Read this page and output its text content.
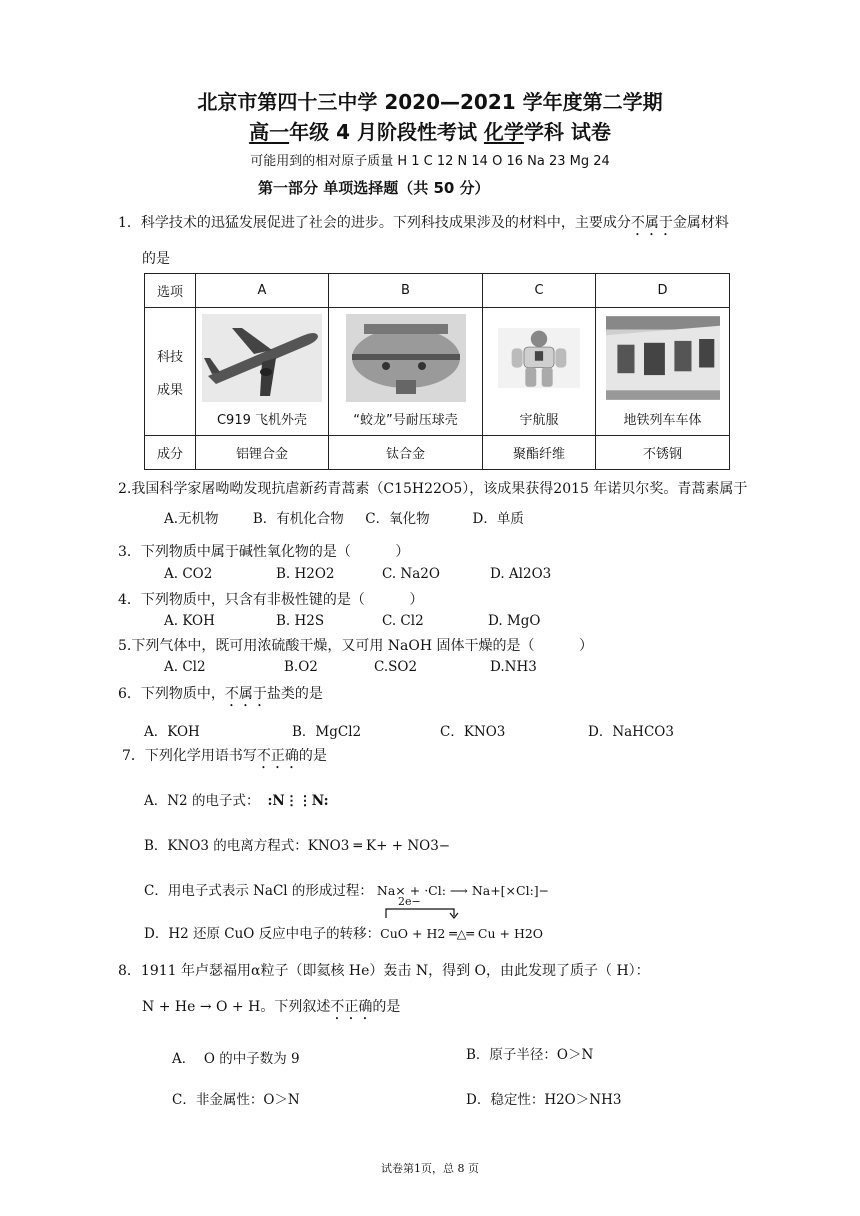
北京市第四十三中学 2020—2021 学年度第二学期
高一年级 4 月阶段性考试 化学学科 试卷
可能用到的相对原子质量 H 1 C 12 N 14 O 16 Na 23 Mg 24
第一部分 单项选择题（共 50 分）
1．科学技术的迅猛发展促进了社会的进步。下列科技成果涉及的材料中，主要成分不属于金属材料
的是
选项	A	B	C	D

科技
成果	C919 飞机外壳	“蛟龙”号耐压球壳	宇航服	地铁列车车体

成分	铝锂合金	钛合金	聚酯纤维	不锈钢
2.我国科学家屠呦呦发现抗虐新药青蒿素（C15H22O5），该成果获得2015 年诺贝尔奖。青蒿素属于
A.无机物        B．有机化合物     C．氧化物          D．单质
3．下列物质中属于碱性氧化物的是（          ）
A. CO2	B. H2O2	C. Na2O	D. Al2O3
4．下列物质中，只含有非极性键的是（          ）
A. KOH	B. H2S	C. Cl2	D. MgO
5.下列气体中，既可用浓硫酸干燥，又可用 NaOH 固体干燥的是（          ）
A. Cl2	B.O2	C.SO2	D.NH3
6．下列物质中，不属于盐类的是
A．KOH	B．MgCl2	C．KNO3	D．NaHCO3
7．下列化学用语书写不正确的是
A．N2 的电子式： :N⋮⋮N:
B．KNO3 的电离方程式：KNO3 ═ K+ + NO3−
C．用电子式表示 NaCl 的形成过程： Na× + ·Cl: ⟶ Na+[×Cl:]−
2e−
D．H2 还原 CuO 反应中电子的转移：CuO + H2 ═△═ Cu + H2O
8．1911 年卢瑟福用α粒子（即氦核 He）轰击 N，得到 O，由此发现了质子（ H）：
N + He → O + H。下列叙述不正确的是
A．  O 的中子数为 9	B．原子半径：O＞N
C．非金属性：O＞N	D．稳定性：H2O＞NH3
试卷第1页，总 8 页
